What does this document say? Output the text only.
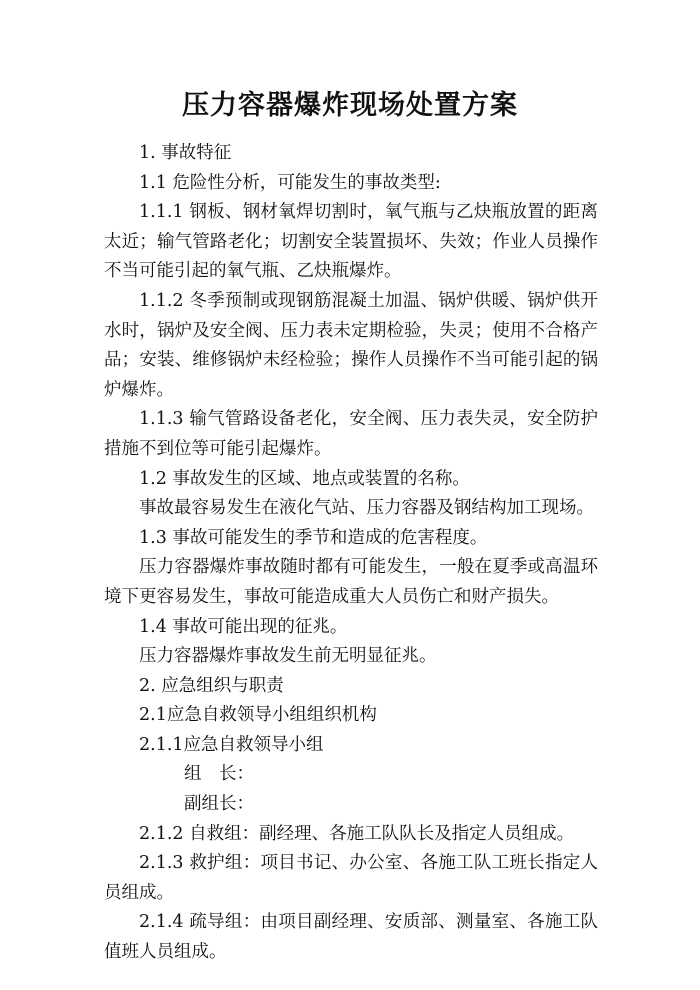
压力容器爆炸现场处置方案

1. 事故特征

1.1 危险性分析，可能发生的事故类型:

1.1.1 钢板、钢材氧焊切割时，氧气瓶与乙炔瓶放置的距离太近；输气管路老化；切割安全装置损坏、失效；作业人员操作不当可能引起的氧气瓶、乙炔瓶爆炸。

1.1.2 冬季预制或现钢筋混凝土加温、锅炉供暖、锅炉供开水时，锅炉及安全阀、压力表未定期检验，失灵；使用不合格产品；安装、维修锅炉未经检验；操作人员操作不当可能引起的锅炉爆炸。

1.1.3 输气管路设备老化，安全阀、压力表失灵，安全防护措施不到位等可能引起爆炸。

1.2 事故发生的区域、地点或装置的名称。

事故最容易发生在液化气站、压力容器及钢结构加工现场。

1.3 事故可能发生的季节和造成的危害程度。

压力容器爆炸事故随时都有可能发生，一般在夏季或高温环境下更容易发生，事故可能造成重大人员伤亡和财产损失。

1.4 事故可能出现的征兆。

压力容器爆炸事故发生前无明显征兆。

2. 应急组织与职责

2.1应急自救领导小组组织机构

2.1.1应急自救领导小组

组　长：

副组长：

2.1.2 自救组：副经理、各施工队队长及指定人员组成。

2.1.3 救护组：项目书记、办公室、各施工队工班长指定人员组成。

2.1.4 疏导组：由项目副经理、安质部、测量室、各施工队值班人员组成。
